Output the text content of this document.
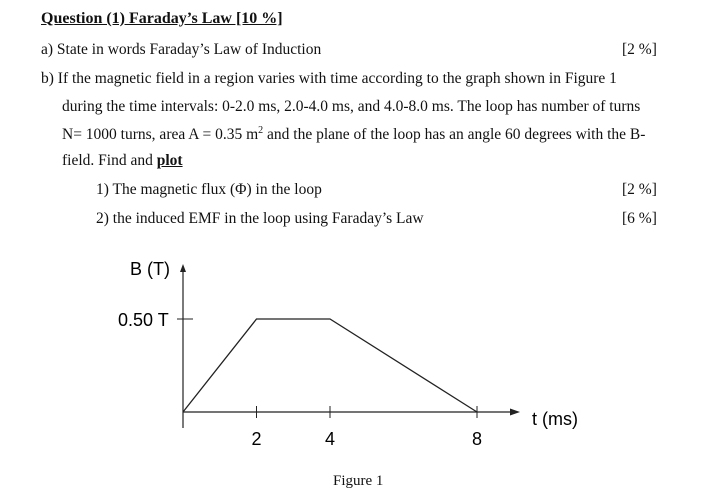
Question (1) Faraday’s Law [10 %]
a) State in words Faraday’s Law of Induction	[2 %]
b) If the magnetic field in a region varies with time according to the graph shown in Figure 1
during the time intervals: 0-2.0 ms, 2.0-4.0 ms, and 4.0-8.0 ms. The loop has number of turns
N= 1000 turns, area A = 0.35 $m^2$ and the plane of the loop has an angle 60 degrees with the B-
field. Find and plot
1) The magnetic flux (Φ) in the loop	[2 %]
2) the induced EMF in the loop using Faraday’s Law	[6 %]
B (T)
t (ms)
0.50 T
2	4	8
Figure 1
